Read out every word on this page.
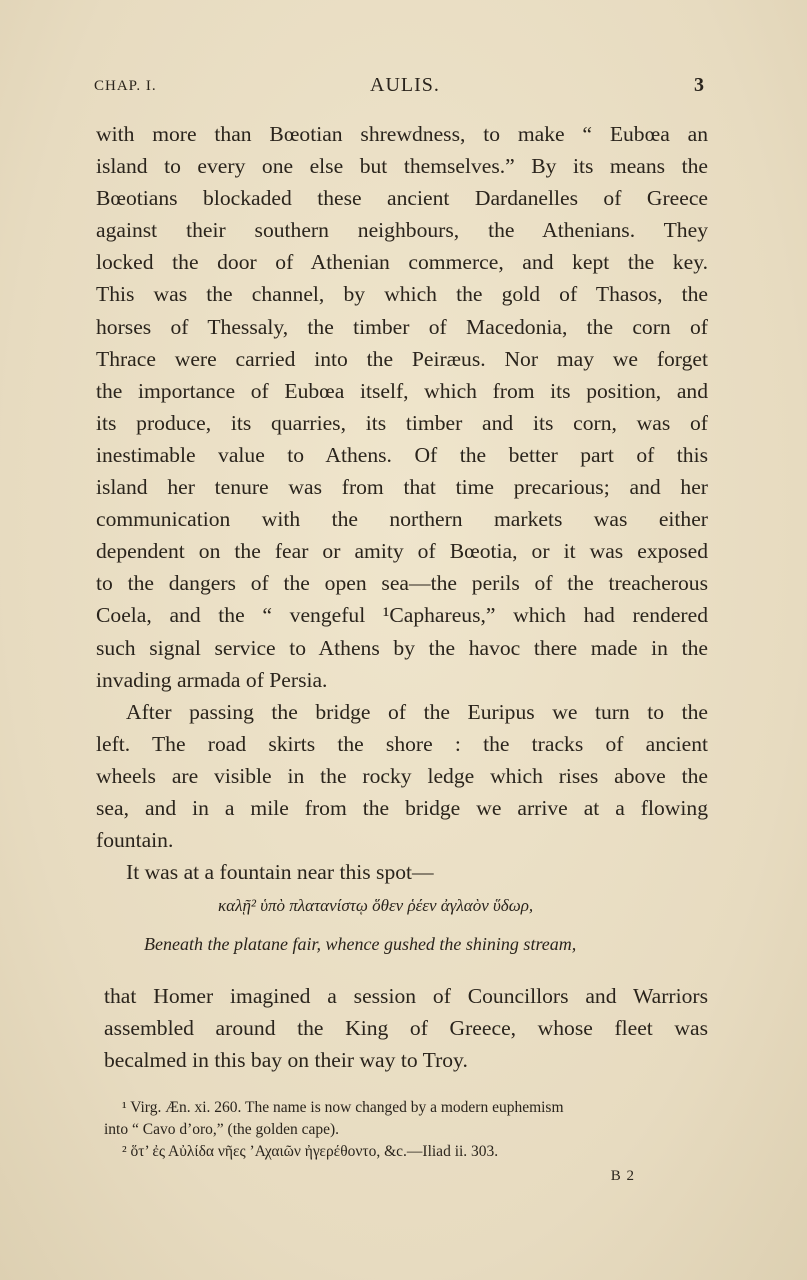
CHAP. I.	AULIS.	3
with more than Bœotian shrewdness, to make “ Eubœa an
island to every one else but themselves.” By its means the
Bœotians blockaded these ancient Dardanelles of Greece
against their southern neighbours, the Athenians. They
locked the door of Athenian commerce, and kept the key.
This was the channel, by which the gold of Thasos, the
horses of Thessaly, the timber of Macedonia, the corn of
Thrace were carried into the Peiræus. Nor may we forget
the importance of Eubœa itself, which from its position, and
its produce, its quarries, its timber and its corn, was of
inestimable value to Athens. Of the better part of this
island her tenure was from that time precarious; and her
communication with the northern markets was either
dependent on the fear or amity of Bœotia, or it was exposed
to the dangers of the open sea—the perils of the treacherous
Coela, and the “ vengeful ¹Caphareus,” which had rendered
such signal service to Athens by the havoc there made in the
invading armada of Persia.
After passing the bridge of the Euripus we turn to the
left. The road skirts the shore : the tracks of ancient
wheels are visible in the rocky ledge which rises above the
sea, and in a mile from the bridge we arrive at a flowing
fountain.
It was at a fountain near this spot—
καλῇ² ὑπὸ πλατανίστῳ ὅθεν ῥέεν ἀγλαὸν ὕδωρ,
Beneath the platane fair, whence gushed the shining stream,
that Homer imagined a session of Councillors and Warriors
assembled around the King of Greece, whose fleet was
becalmed in this bay on their way to Troy.
¹ Virg. Æn. xi. 260. The name is now changed by a modern euphemism
into “ Cavo d’oro,” (the golden cape).
² ὅτ’ ἐς Αὐλίδα νῆες ’Αχαιῶν ἠγερέθοντο, &c.—Iliad ii. 303.
B 2
